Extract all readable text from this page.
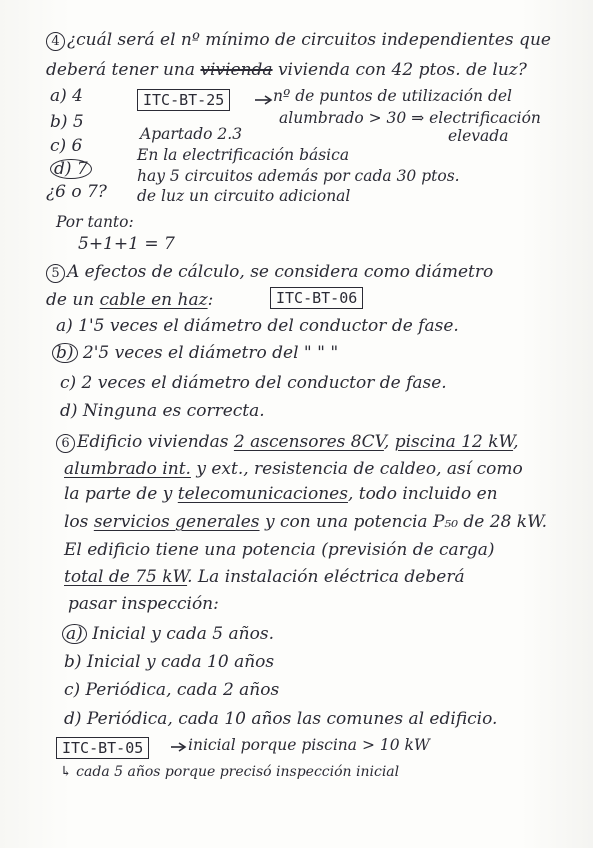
4 ¿cuál será el nº mínimo de circuitos independientes que
deberá tener una vivienda vivienda con 42 ptos. de luz?
a) 4
b) 5
c) 6
d) 7
¿6 o 7?
ITC-BT-25	nº de puntos de utilización del
alumbrado > 30 ⇒ electrificación
elevada
Apartado 2.3
En la electrificación básica
hay 5 circuitos además por cada 30 ptos.
de luz un circuito adicional
Por tanto:
5+1+1 = 7
5 A efectos de cálculo, se considera como diámetro
de un cable en haz:	ITC-BT-06
a) 1'5 veces el diámetro del conductor de fase.
b) 2'5 veces el diámetro del " " "
c) 2 veces el diámetro del conductor de fase.
d) Ninguna es correcta.
6 Edificio viviendas 2 ascensores 8CV, piscina 12 kW,
alumbrado int. y ext., resistencia de caldeo, así como
la parte de y telecomunicaciones, todo incluido en
los servicios generales y con una potencia P₅₀ de 28 kW.
El edificio tiene una potencia (previsión de carga)
total de 75 kW. La instalación eléctrica deberá
pasar inspección:
a) Inicial y cada 5 años.
b) Inicial y cada 10 años
c) Periódica, cada 2 años
d) Periódica, cada 10 años las comunes al edificio.
ITC-BT-05	inicial porque piscina > 10 kW
↳ cada 5 años porque precisó inspección inicial
